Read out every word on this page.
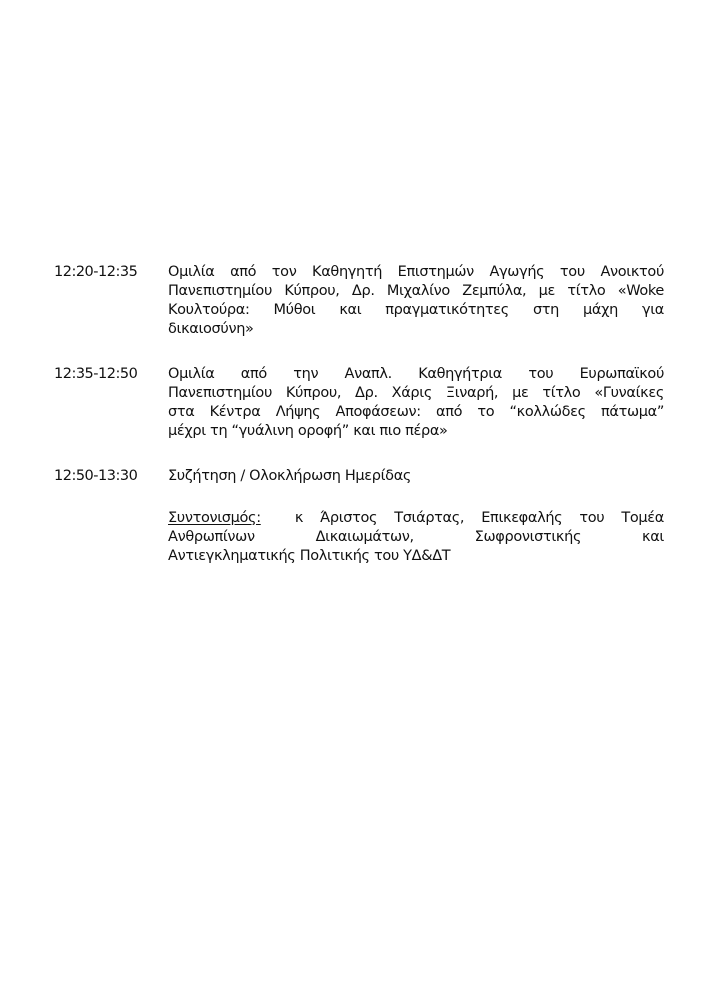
12:20-12:35	Ομιλία από τον Καθηγητή Επιστημών Αγωγής του Ανοικτού
Πανεπιστημίου Κύπρου, Δρ. Μιχαλίνο Ζεμπύλα, με τίτλο «Woke
Κουλτούρα: Μύθοι και πραγματικότητες στη μάχη για
δικαιοσύνη»
12:35-12:50	Ομιλία από την Αναπλ. Καθηγήτρια του Ευρωπαϊκού
Πανεπιστημίου Κύπρου, Δρ. Χάρις Ξιναρή, με τίτλο «Γυναίκες
στα Κέντρα Λήψης Αποφάσεων: από το “κολλώδες πάτωμα”
μέχρι τη “γυάλινη οροφή” και πιο πέρα»
12:50-13:30	Συζήτηση / Ολοκλήρωση Ημερίδας
Συντονισμός: κ Άριστος Τσιάρτας, Επικεφαλής του Τομέα
Ανθρωπίνων Δικαιωμάτων, Σωφρονιστικής και
Αντιεγκληματικής Πολιτικής του ΥΔ&ΔΤ
